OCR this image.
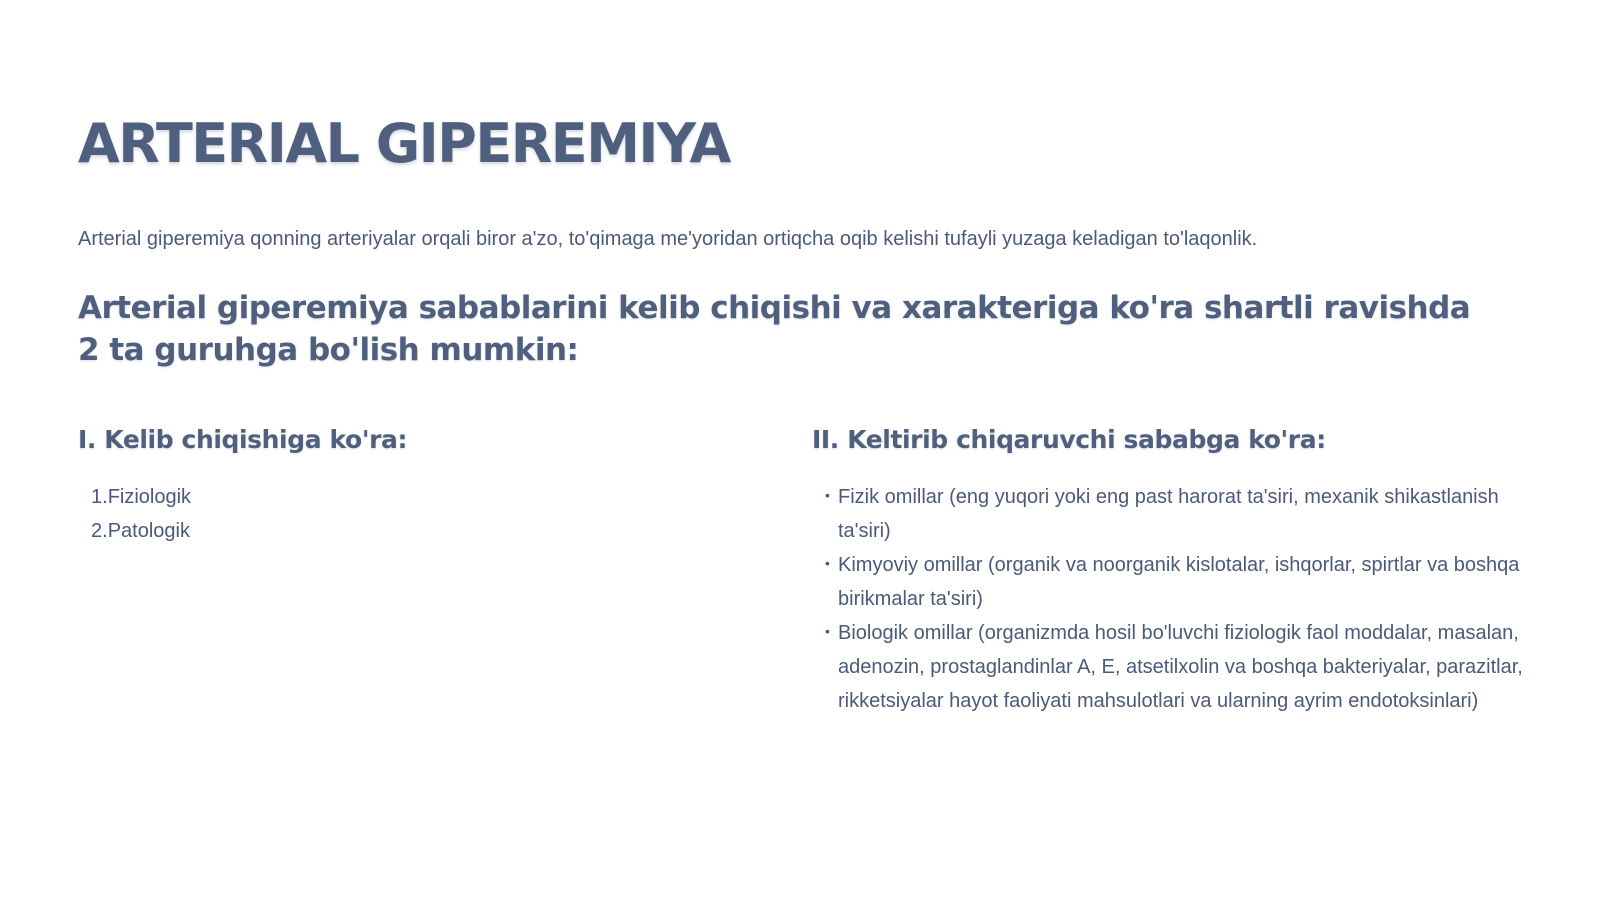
ARTERIAL GIPEREMIYA

Arterial giperemiya qonning arteriyalar orqali biror a'zo, to'qimaga me'yoridan ortiqcha oqib kelishi tufayli yuzaga keladigan to'laqonlik.

Arterial giperemiya sabablarini kelib chiqishi va xarakteriga ko'ra shartli ravishda 2 ta guruhga bo'lish mumkin:
I. Kelib chiqishiga ko'ra:
1.Fiziologik
2.Patologik
II. Keltirib chiqaruvchi sababga ko'ra:
• Fizik omillar (eng yuqori yoki eng past harorat ta'siri, mexanik shikastlanish ta'siri)
• Kimyoviy omillar (organik va noorganik kislotalar, ishqorlar, spirtlar va boshqa birikmalar ta'siri)
• Biologik omillar (organizmda hosil bo'luvchi fiziologik faol moddalar, masalan, adenozin, prostaglandinlar A, E, atsetilxolin va boshqa bakteriyalar, parazitlar, rikketsiyalar hayot faoliyati mahsulotlari va ularning ayrim endotoksinlari)
